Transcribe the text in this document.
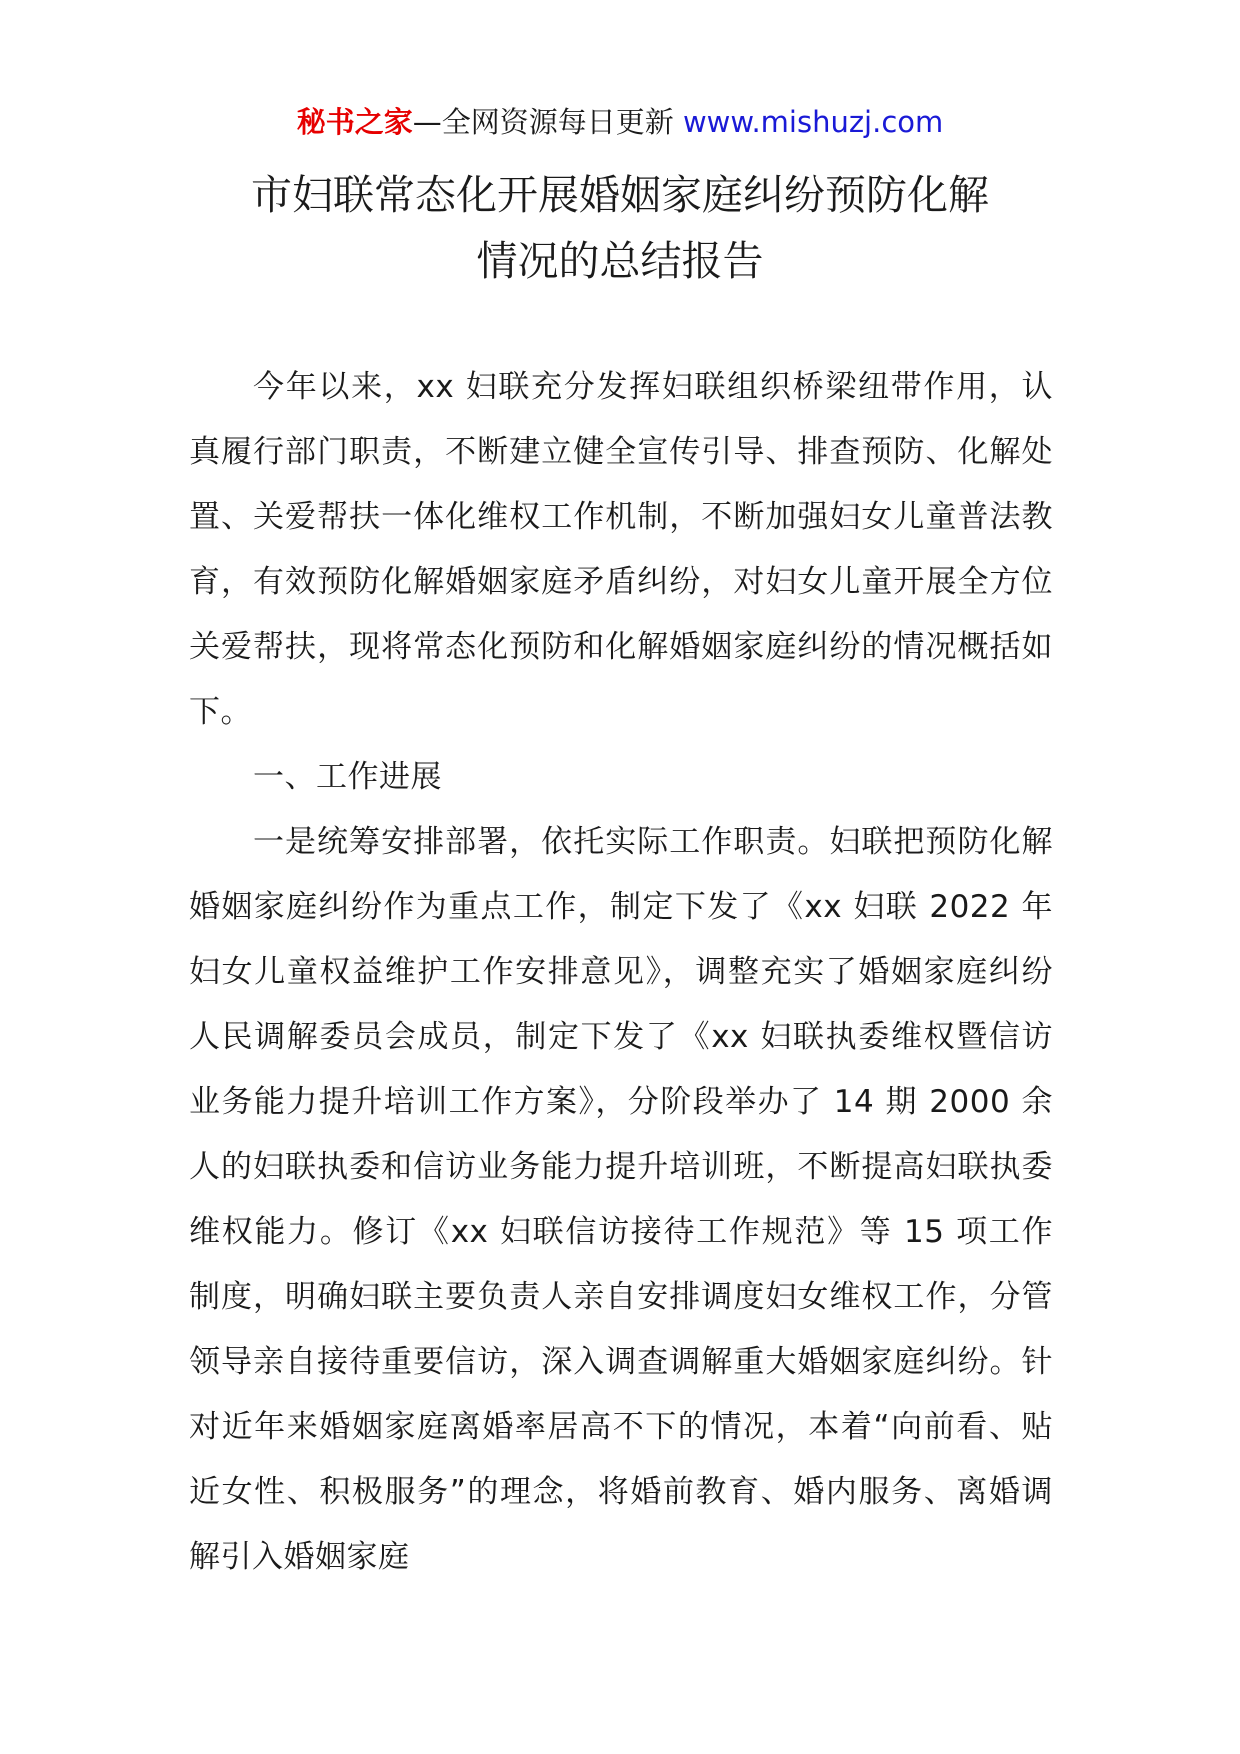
秘书之家—全网资源每日更新 www.mishuzj.com
市妇联常态化开展婚姻家庭纠纷预防化解
情况的总结报告

今年以来，xx 妇联充分发挥妇联组织桥梁纽带作用，认真履行部门职责，不断建立健全宣传引导、排查预防、化解处置、关爱帮扶一体化维权工作机制，不断加强妇女儿童普法教育，有效预防化解婚姻家庭矛盾纠纷，对妇女儿童开展全方位关爱帮扶，现将常态化预防和化解婚姻家庭纠纷的情况概括如下。

一、工作进展

一是统筹安排部署，依托实际工作职责。妇联把预防化解婚姻家庭纠纷作为重点工作，制定下发了《xx 妇联 2022 年妇女儿童权益维护工作安排意见》，调整充实了婚姻家庭纠纷人民调解委员会成员，制定下发了《xx 妇联执委维权暨信访业务能力提升培训工作方案》，分阶段举办了 14 期 2000 余人的妇联执委和信访业务能力提升培训班，不断提高妇联执委维权能力。修订《xx 妇联信访接待工作规范》等 15 项工作制度，明确妇联主要负责人亲自安排调度妇女维权工作，分管领导亲自接待重要信访，深入调查调解重大婚姻家庭纠纷。针对近年来婚姻家庭离婚率居高不下的情况，本着“向前看、贴近女性、积极服务”的理念，将婚前教育、婚内服务、离婚调解引入婚姻家庭
